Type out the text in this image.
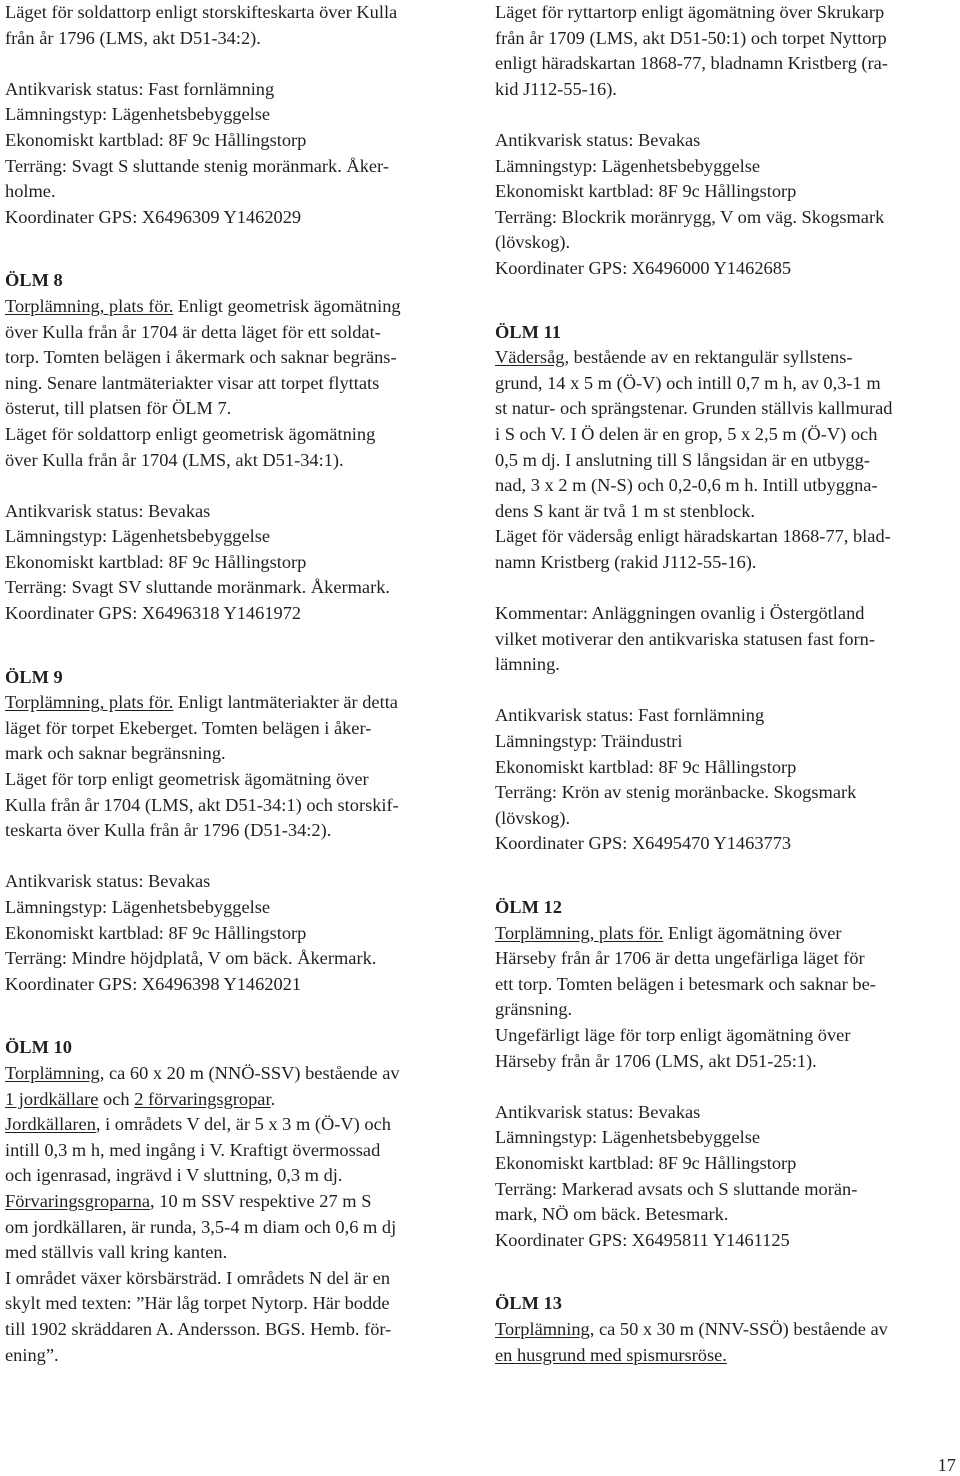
Läget för soldattorp enligt storskifteskarta över Kulla

från år 1796 (LMS, akt D51-34:2).

Antikvarisk status: Fast fornlämning

Lämningstyp: Lägenhetsbebyggelse

Ekonomiskt kartblad: 8F 9c Hållingstorp

Terräng: Svagt S sluttande stenig moränmark. Åker-

holme.

Koordinater GPS: X6496309 Y1462029

ÖLM 8

Torplämning, plats för. Enligt geometrisk ägomätning

över Kulla från år 1704 är detta läget för ett soldat-

torp. Tomten belägen i åkermark och saknar begräns-

ning. Senare lantmäteriakter visar att torpet flyttats

österut, till platsen för ÖLM 7.

Läget för soldattorp enligt geometrisk ägomätning

över Kulla från år 1704 (LMS, akt D51-34:1).

Antikvarisk status: Bevakas

Lämningstyp: Lägenhetsbebyggelse

Ekonomiskt kartblad: 8F 9c Hållingstorp

Terräng: Svagt SV sluttande moränmark. Åkermark.

Koordinater GPS: X6496318 Y1461972

ÖLM 9

Torplämning, plats för. Enligt lantmäteriakter är detta

läget för torpet Ekeberget. Tomten belägen i åker-

mark och saknar begränsning.

Läget för torp enligt geometrisk ägomätning över

Kulla från år 1704 (LMS, akt D51-34:1) och storskif-

teskarta över Kulla från år 1796 (D51-34:2).

Antikvarisk status: Bevakas

Lämningstyp: Lägenhetsbebyggelse

Ekonomiskt kartblad: 8F 9c Hållingstorp

Terräng: Mindre höjdplatå, V om bäck. Åkermark.

Koordinater GPS: X6496398 Y1462021

ÖLM 10

Torplämning, ca 60 x 20 m (NNÖ-SSV) bestående av

1 jordkällare och 2 förvaringsgropar.

Jordkällaren, i områdets V del, är 5 x 3 m (Ö-V) och

intill 0,3 m h, med ingång i V. Kraftigt övermossad

och igenrasad, ingrävd i V sluttning, 0,3 m dj.

Förvaringsgroparna, 10 m SSV respektive 27 m S

om jordkällaren, är runda, 3,5-4 m diam och 0,6 m dj

med ställvis vall kring kanten.

I området växer körsbärsträd. I områdets N del är en

skylt med texten: ”Här låg torpet Nytorp. Här bodde

till 1902 skräddaren A. Andersson. BGS. Hemb. för-

ening”.

Läget för ryttartorp enligt ägomätning över Skrukarp

från år 1709 (LMS, akt D51-50:1) och torpet Nyttorp

enligt häradskartan 1868-77, bladnamn Kristberg (ra-

kid J112-55-16).

Antikvarisk status: Bevakas

Lämningstyp: Lägenhetsbebyggelse

Ekonomiskt kartblad: 8F 9c Hållingstorp

Terräng: Blockrik moränrygg, V om väg. Skogsmark

(lövskog).

Koordinater GPS: X6496000 Y1462685

ÖLM 11

Vädersåg, bestående av en rektangulär syllstens-

grund, 14 x 5 m (Ö-V) och intill 0,7 m h, av 0,3-1 m

st natur- och sprängstenar. Grunden ställvis kallmurad

i S och V. I Ö delen är en grop, 5 x 2,5 m (Ö-V) och

0,5 m dj. I anslutning till S långsidan är en utbygg-

nad, 3 x 2 m (N-S) och 0,2-0,6 m h. Intill utbyggna-

dens S kant är två 1 m st stenblock.

Läget för vädersåg enligt häradskartan 1868-77, blad-

namn Kristberg (rakid J112-55-16).

Kommentar: Anläggningen ovanlig i Östergötland

vilket motiverar den antikvariska statusen fast forn-

lämning.

Antikvarisk status: Fast fornlämning

Lämningstyp: Träindustri

Ekonomiskt kartblad: 8F 9c Hållingstorp

Terräng: Krön av stenig moränbacke. Skogsmark

(lövskog).

Koordinater GPS: X6495470 Y1463773

ÖLM 12

Torplämning, plats för. Enligt ägomätning över

Härseby från år 1706 är detta ungefärliga läget för

ett torp. Tomten belägen i betesmark och saknar be-

gränsning.

Ungefärligt läge för torp enligt ägomätning över

Härseby från år 1706 (LMS, akt D51-25:1).

Antikvarisk status: Bevakas

Lämningstyp: Lägenhetsbebyggelse

Ekonomiskt kartblad: 8F 9c Hållingstorp

Terräng: Markerad avsats och S sluttande morän-

mark, NÖ om bäck. Betesmark.

Koordinater GPS: X6495811 Y1461125

ÖLM 13

Torplämning, ca 50 x 30 m (NNV-SSÖ) bestående av

en husgrund med spismursröse.

17
